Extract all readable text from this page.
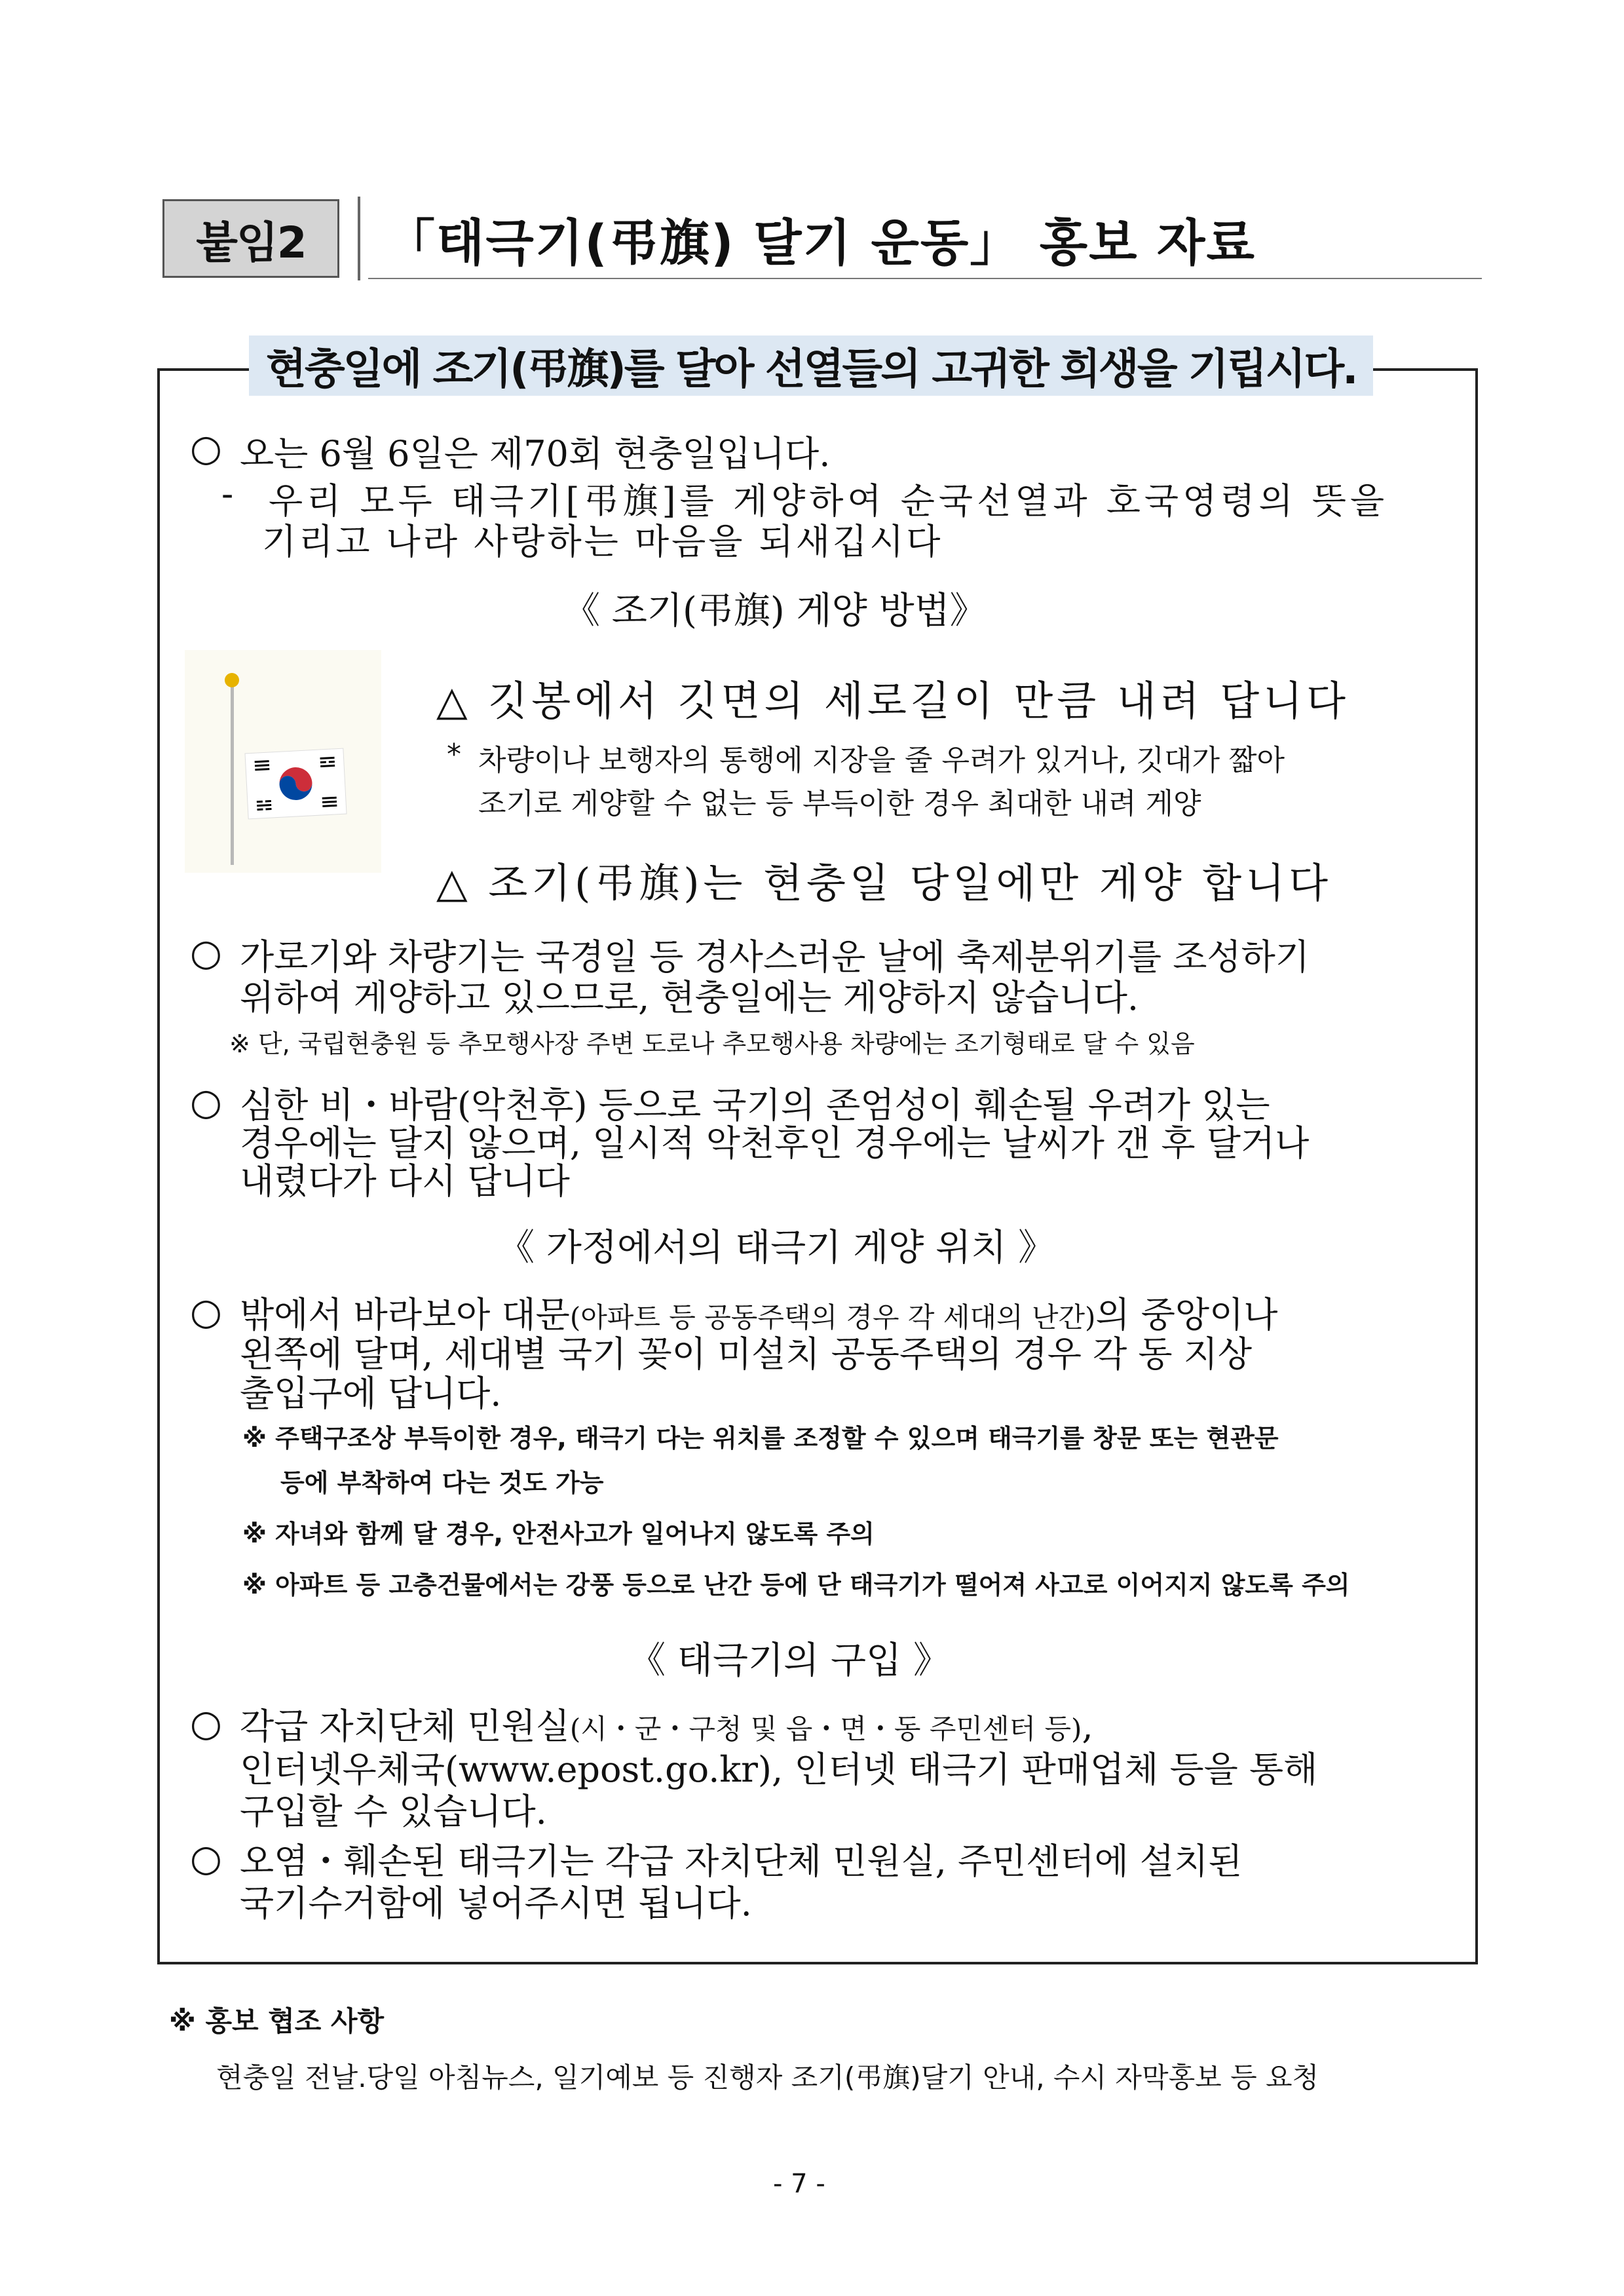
붙임2 「태극기(弔旗) 달기 운동」 홍보 자료
현충일에 조기(弔旗)를 달아 선열들의 고귀한 희생을 기립시다.
○ 오는 6월 6일은 제70회 현충일입니다.
- 우리 모두 태극기[弔旗]를 게양하여 순국선열과 호국영령의 뜻을
기리고 나라 사랑하는 마음을 되새깁시다
《 조기(弔旗) 게양 방법》
△ 깃봉에서 깃면의 세로길이 만큼 내려 답니다
* 차량이나 보행자의 통행에 지장을 줄 우려가 있거나, 깃대가 짧아
조기로 게양할 수 없는 등 부득이한 경우 최대한 내려 게양
△ 조기(弔旗)는 현충일 당일에만 게양 합니다
○ 가로기와 차량기는 국경일 등 경사스러운 날에 축제분위기를 조성하기
위하여 게양하고 있으므로, 현충일에는 게양하지 않습니다.
※ 단, 국립현충원 등 추모행사장 주변 도로나 추모행사용 차량에는 조기형태로 달 수 있음
○ 심한 비・바람(악천후) 등으로 국기의 존엄성이 훼손될 우려가 있는
경우에는 달지 않으며, 일시적 악천후인 경우에는 날씨가 갠 후 달거나
내렸다가 다시 답니다
《 가정에서의 태극기 게양 위치 》
○ 밖에서 바라보아 대문(아파트 등 공동주택의 경우 각 세대의 난간)의 중앙이나
왼쪽에 달며, 세대별 국기 꽂이 미설치 공동주택의 경우 각 동 지상
출입구에 답니다.
※ 주택구조상 부득이한 경우, 태극기 다는 위치를 조정할 수 있으며 태극기를 창문 또는 현관문
등에 부착하여 다는 것도 가능
※ 자녀와 함께 달 경우, 안전사고가 일어나지 않도록 주의
※ 아파트 등 고층건물에서는 강풍 등으로 난간 등에 단 태극기가 떨어져 사고로 이어지지 않도록 주의
《 태극기의 구입 》
○ 각급 자치단체 민원실(시・군・구청 및 읍・면・동 주민센터 등),
인터넷우체국(www.epost.go.kr), 인터넷 태극기 판매업체 등을 통해
구입할 수 있습니다.
○ 오염・훼손된 태극기는 각급 자치단체 민원실, 주민센터에 설치된
국기수거함에 넣어주시면 됩니다.
※ 홍보 협조 사항
현충일 전날.당일 아침뉴스, 일기예보 등 진행자 조기(弔旗)달기 안내, 수시 자막홍보 등 요청
- 7 -
